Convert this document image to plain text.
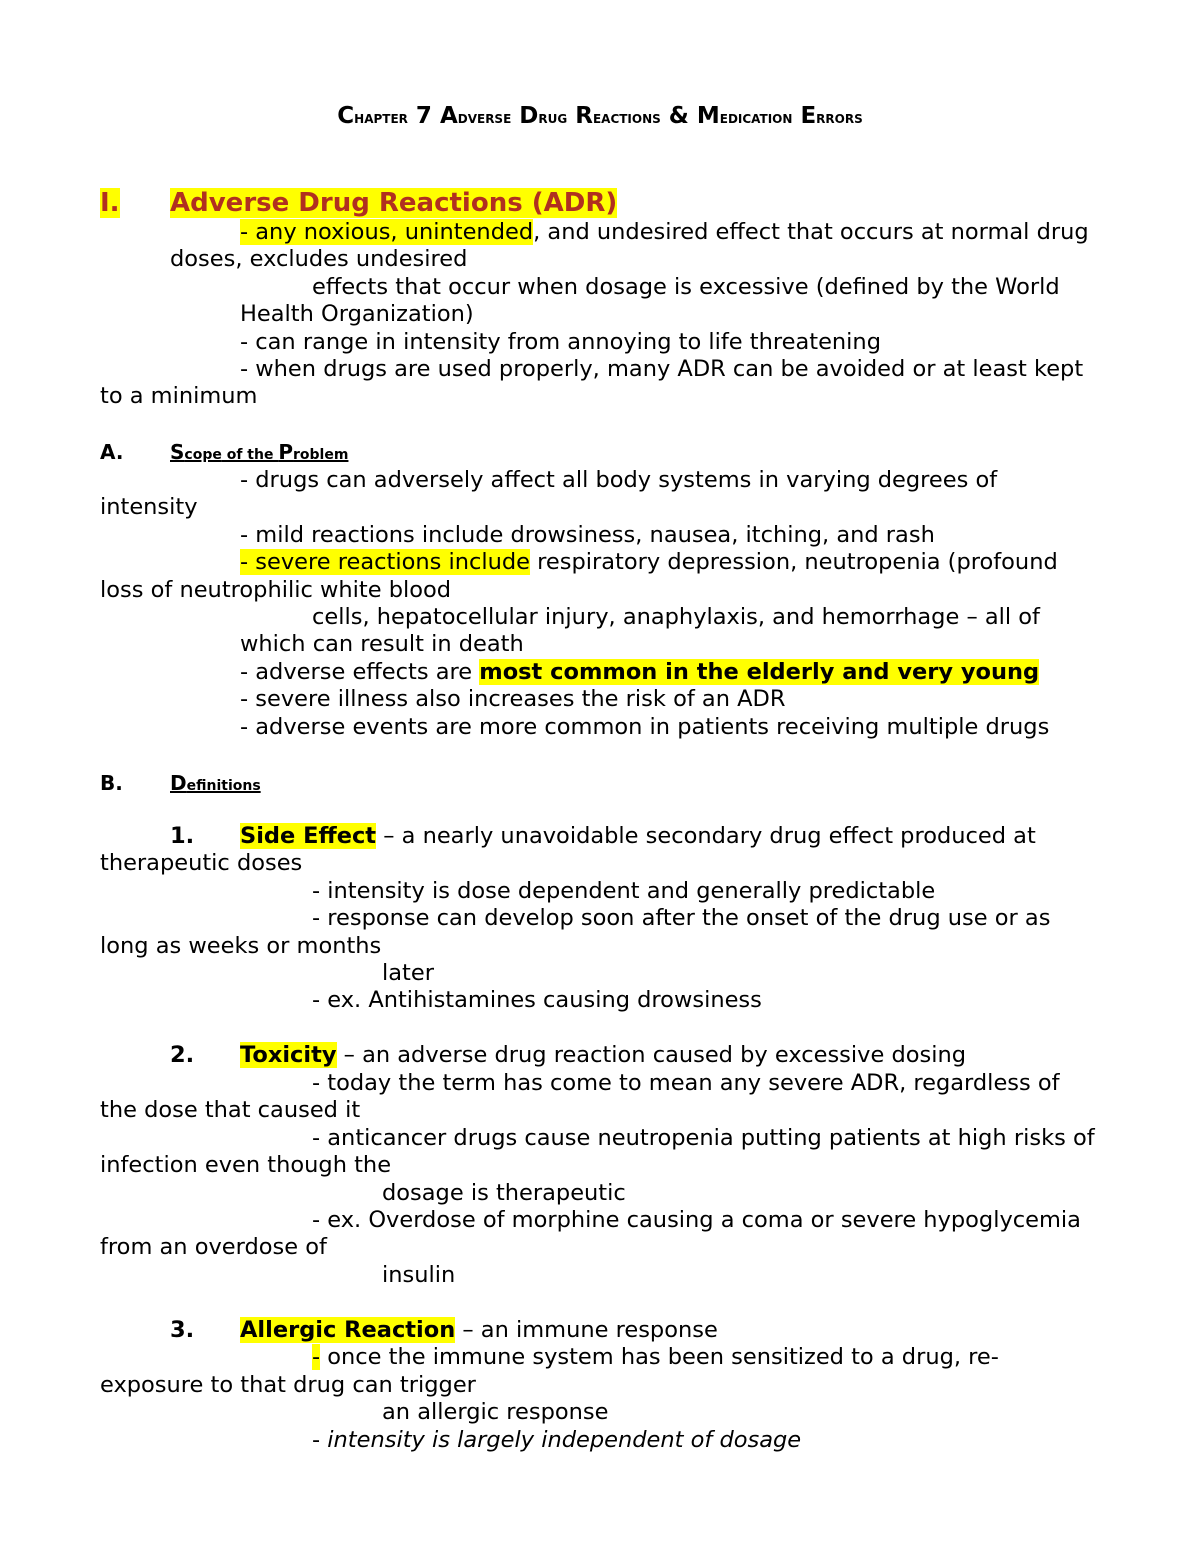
Chapter 7 Adverse Drug Reactions & Medication Errors
I. Adverse Drug Reactions (ADR)

- any noxious, unintended, and undesired effect that occurs at normal drug

doses, excludes undesired

effects that occur when dosage is excessive (defined by the World

Health Organization)

- can range in intensity from annoying to life threatening

- when drugs are used properly, many ADR can be avoided or at least kept

to a minimum

A. Scope of the Problem

- drugs can adversely affect all body systems in varying degrees of

intensity

- mild reactions include drowsiness, nausea, itching, and rash

- severe reactions include respiratory depression, neutropenia (profound

loss of neutrophilic white blood

cells, hepatocellular injury, anaphylaxis, and hemorrhage – all of

which can result in death

- adverse effects are most common in the elderly and very young

- severe illness also increases the risk of an ADR

- adverse events are more common in patients receiving multiple drugs

B. Definitions
1. Side Effect – a nearly unavoidable secondary drug effect produced at

therapeutic doses

- intensity is dose dependent and generally predictable

- response can develop soon after the onset of the drug use or as

long as weeks or months

later

- ex. Antihistamines causing drowsiness

2. Toxicity – an adverse drug reaction caused by excessive dosing

- today the term has come to mean any severe ADR, regardless of

the dose that caused it

- anticancer drugs cause neutropenia putting patients at high risks of

infection even though the

dosage is therapeutic

- ex. Overdose of morphine causing a coma or severe hypoglycemia

from an overdose of

insulin

3. Allergic Reaction – an immune response

- once the immune system has been sensitized to a drug, re-

exposure to that drug can trigger

an allergic response

- intensity is largely independent of dosage
